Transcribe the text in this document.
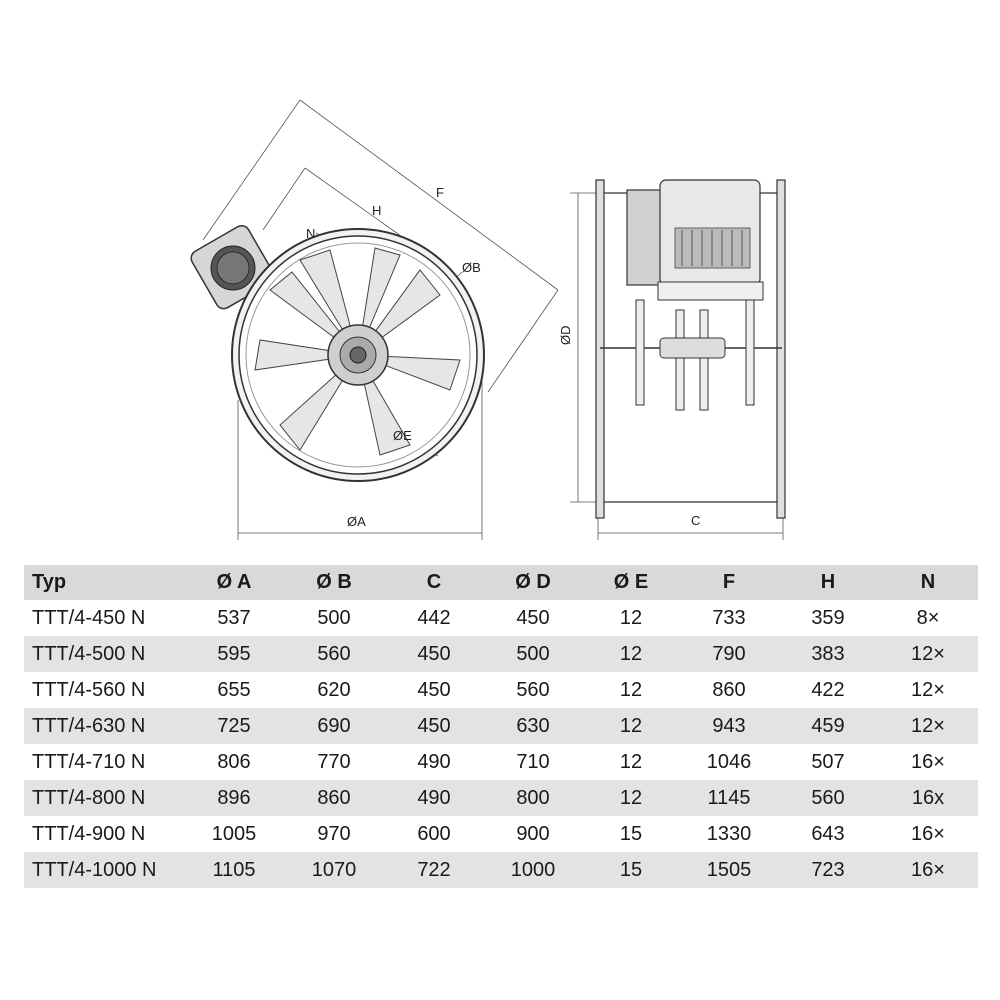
N
H
F
ØB
ØE
ØA
ØD
C
Typ	Ø A	Ø B	C	Ø D	Ø E	F	H	N
TTT/4-450 N	537	500	442	450	12	733	359	8×
TTT/4-500 N	595	560	450	500	12	790	383	12×
TTT/4-560 N	655	620	450	560	12	860	422	12×
TTT/4-630 N	725	690	450	630	12	943	459	12×
TTT/4-710 N	806	770	490	710	12	1046	507	16×
TTT/4-800 N	896	860	490	800	12	1145	560	16x
TTT/4-900 N	1005	970	600	900	15	1330	643	16×
TTT/4-1000 N	1105	1070	722	1000	15	1505	723	16×
